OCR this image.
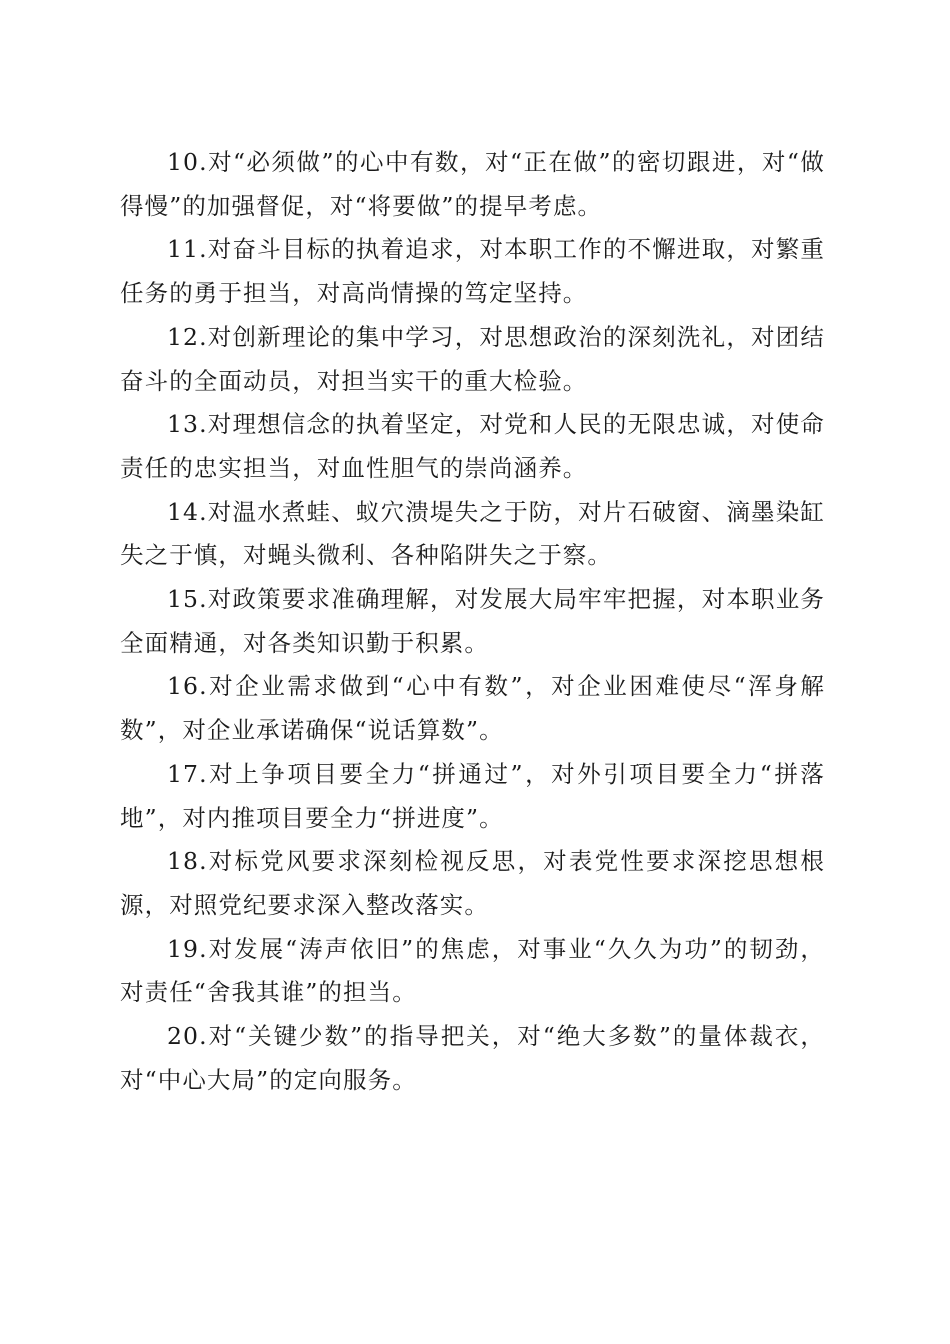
10.对“必须做”的心中有数，对“正在做”的密切跟进，对“做得慢”的加强督促，对“将要做”的提早考虑。

11.对奋斗目标的执着追求，对本职工作的不懈进取，对繁重任务的勇于担当，对高尚情操的笃定坚持。

12.对创新理论的集中学习，对思想政治的深刻洗礼，对团结奋斗的全面动员，对担当实干的重大检验。

13.对理想信念的执着坚定，对党和人民的无限忠诚，对使命责任的忠实担当，对血性胆气的崇尚涵养。

14.对温水煮蛙、蚁穴溃堤失之于防，对片石破窗、滴墨染缸失之于慎，对蝇头微利、各种陷阱失之于察。

15.对政策要求准确理解，对发展大局牢牢把握，对本职业务全面精通，对各类知识勤于积累。

16.对企业需求做到“心中有数”，对企业困难使尽“浑身解数”，对企业承诺确保“说话算数”。

17.对上争项目要全力“拼通过”，对外引项目要全力“拼落地”，对内推项目要全力“拼进度”。

18.对标党风要求深刻检视反思，对表党性要求深挖思想根源，对照党纪要求深入整改落实。

19.对发展“涛声依旧”的焦虑，对事业“久久为功”的韧劲，对责任“舍我其谁”的担当。

20.对“关键少数”的指导把关，对“绝大多数”的量体裁衣，对“中心大局”的定向服务。
